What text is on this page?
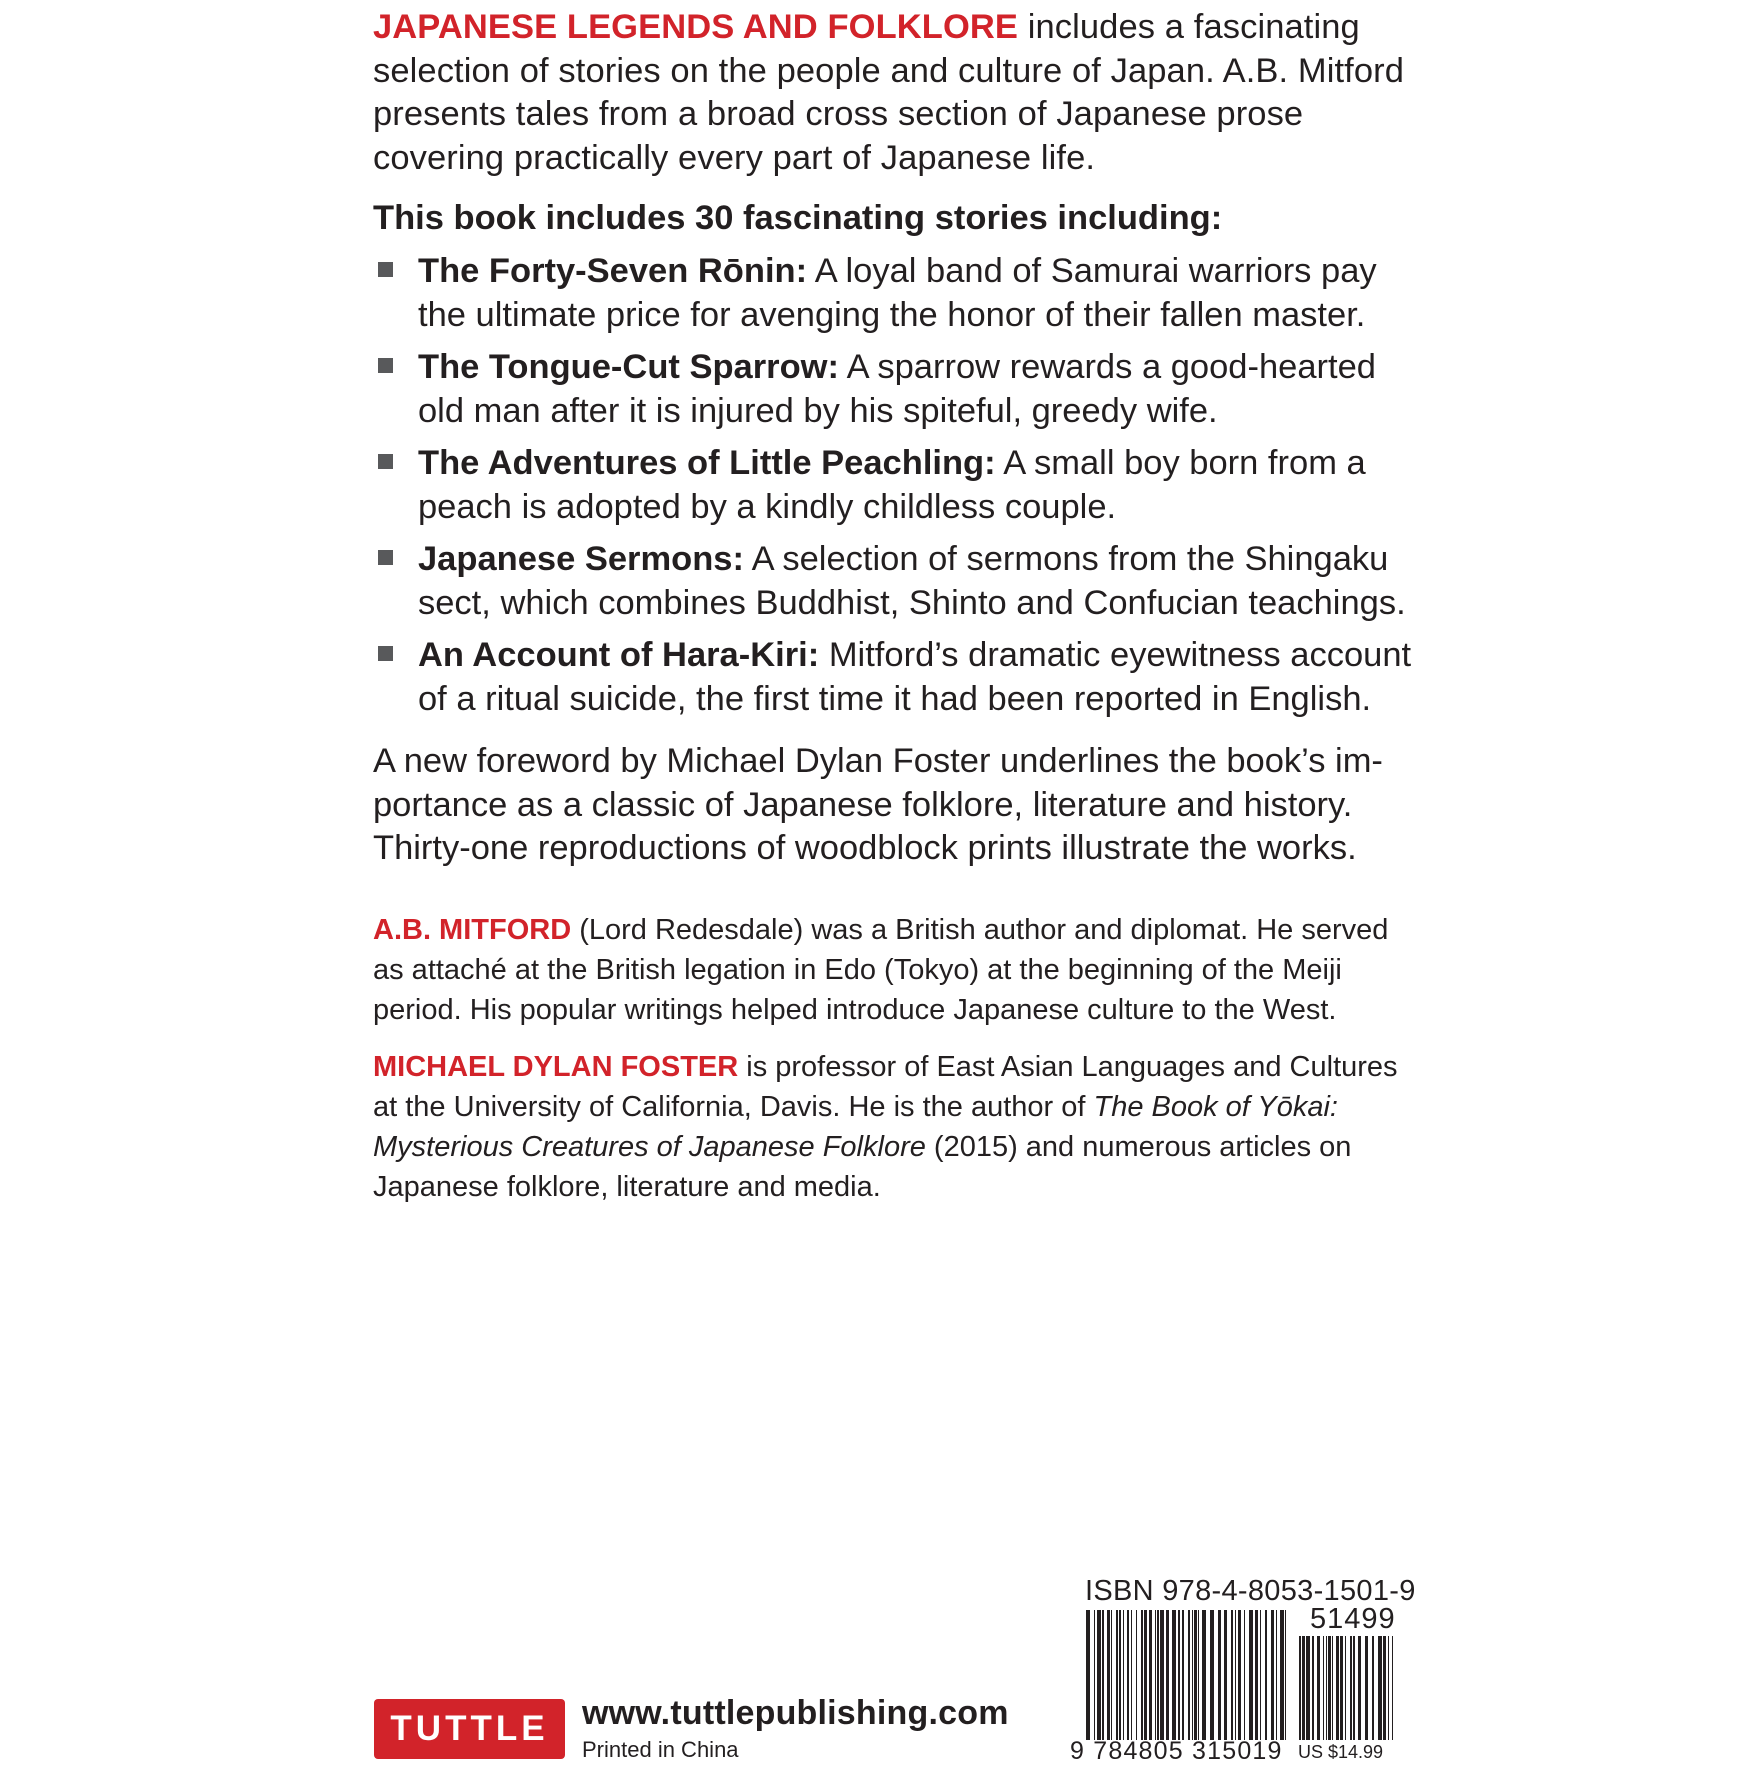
JAPANESE LEGENDS AND FOLKLORE includes a fascinating selection of stories on the people and culture of Japan. A.B. Mitford presents tales from a broad cross section of Japanese prose covering practically every part of Japanese life.

This book includes 30 fascinating stories including:
The Forty-Seven Rōnin: A loyal band of Samurai warriors pay the ultimate price for avenging the honor of their fallen master.
The Tongue-Cut Sparrow: A sparrow rewards a good-hearted old man after it is injured by his spiteful, greedy wife.
The Adventures of Little Peachling: A small boy born from a peach is adopted by a kindly childless couple.
Japanese Sermons: A selection of sermons from the Shingaku sect, which combines Buddhist, Shinto and Confucian teachings.
An Account of Hara-Kiri: Mitford’s dramatic eyewitness account of a ritual suicide, the first time it had been reported in English.

A new foreword by Michael Dylan Foster underlines the book’s im-portance as a classic of Japanese folklore, literature and history. Thirty-one reproductions of woodblock prints illustrate the works.

A.B. MITFORD (Lord Redesdale) was a British author and diplomat. He served as attaché at the British legation in Edo (Tokyo) at the beginning of the Meiji period. His popular writings helped introduce Japanese culture to the West.

MICHAEL DYLAN FOSTER is professor of East Asian Languages and Cultures at the University of California, Davis. He is the author of The Book of Yōkai: Mysterious Creatures of Japanese Folklore (2015) and numerous articles on Japanese folklore, literature and media.

TUTTLE www.tuttlepublishing.com
Printed in China
ISBN 978-4-8053-1501-9
51499
9 784805 315019 US $14.99
